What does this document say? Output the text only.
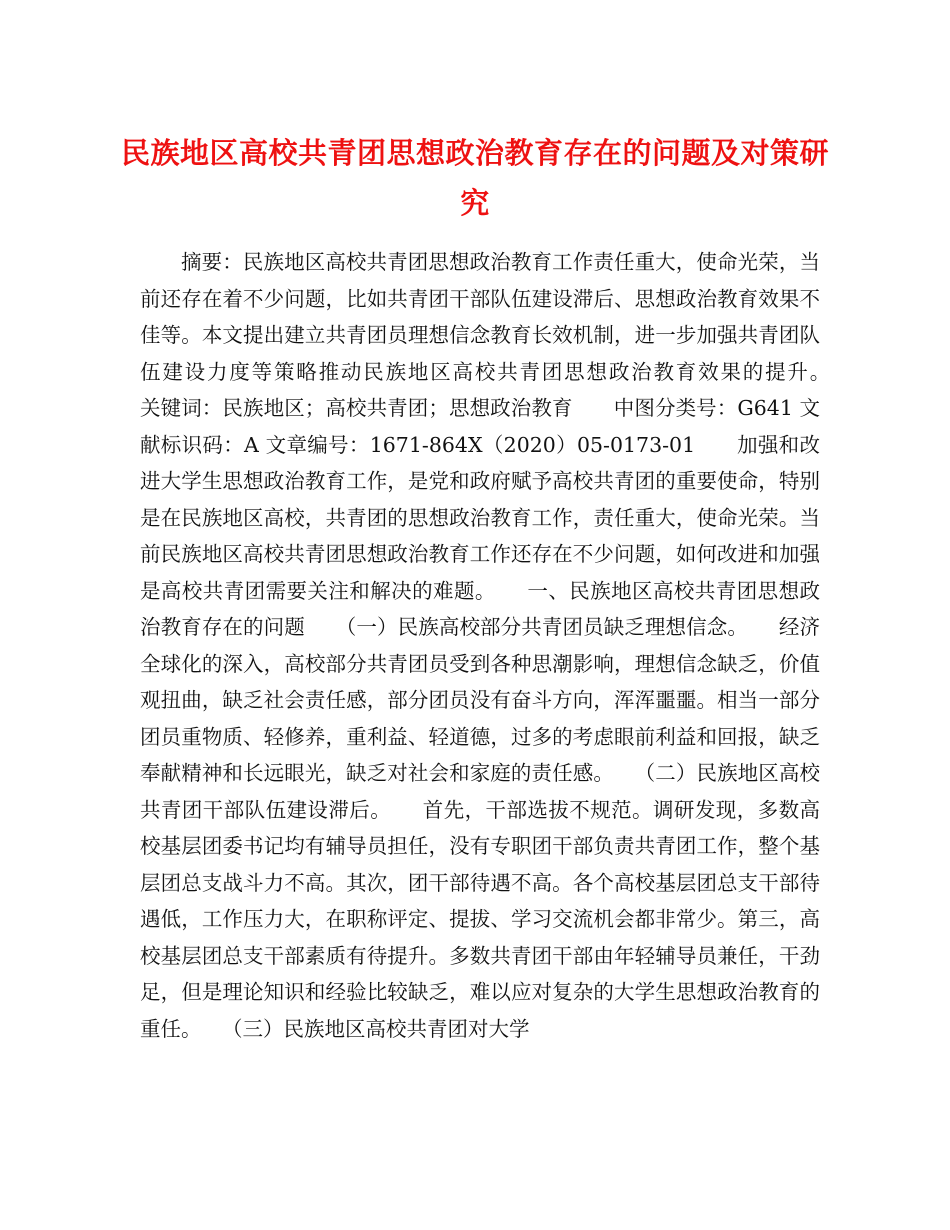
民族地区高校共青团思想政治教育存在的问题及对策研究

摘要：民族地区高校共青团思想政治教育工作责任重大，使命光荣，当前还存在着不少问题，比如共青团干部队伍建设滞后、思想政治教育效果不佳等。本文提出建立共青团员理想信念教育长效机制，进一步加强共青团队伍建设力度等策略推动民族地区高校共青团思想政治教育效果的提升。　　关键词：民族地区；高校共青团；思想政治教育　　中图分类号：G641 文献标识码：A 文章编号：1671-864X（2020）05-0173-01　　加强和改进大学生思想政治教育工作，是党和政府赋予高校共青团的重要使命，特别是在民族地区高校，共青团的思想政治教育工作，责任重大，使命光荣。当前民族地区高校共青团思想政治教育工作还存在不少问题，如何改进和加强是高校共青团需要关注和解决的难题。　　一、民族地区高校共青团思想政治教育存在的问题　　（一）民族高校部分共青团员缺乏理想信念。　　经济全球化的深入，高校部分共青团员受到各种思潮影响，理想信念缺乏，价值观扭曲，缺乏社会责任感，部分团员没有奋斗方向，浑浑噩噩。相当一部分团员重物质、轻修养，重利益、轻道德，过多的考虑眼前利益和回报，缺乏奉献精神和长远眼光，缺乏对社会和家庭的责任感。　　（二）民族地区高校共青团干部队伍建设滞后。　　首先，干部选拔不规范。调研发现，多数高校基层团委书记均有辅导员担任，没有专职团干部负责共青团工作，整个基层团总支战斗力不高。其次，团干部待遇不高。各个高校基层团总支干部待遇低，工作压力大，在职称评定、提拔、学习交流机会都非常少。第三，高校基层团总支干部素质有待提升。多数共青团干部由年轻辅导员兼任，干劲足，但是理论知识和经验比较缺乏，难以应对复杂的大学生思想政治教育的重任。　　（三）民族地区高校共青团对大学
